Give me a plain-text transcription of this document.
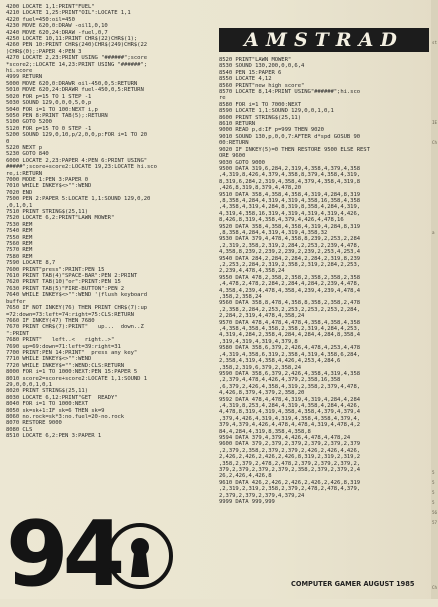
4200 LOCATE 1,1:PRINT"FUEL"
4210 LOCATE 1,25:PRINT"OIL":LOCATE 1,1
4220 fuel=450:oil=450
4230 MOVE 620,0:DRAW -oil1,0,10
4240 MOVE 620,24:DRAW -fuel,0,7
4250 LOCATE 10,11:PRINT CHR$(22)CHR$(1);
4260 PEN 10:PRINT CHR$(240)CHR$(249)CHR$(22
)CHR$(0);:PAPER 4:PEN 3
4270 LOCATE 2,23:PRINT USING "######";score
*score2;:LOCATE 14,23:PRINT USING "######";
hi.score
4999 RETURN
5000 MOVE 620,0:DRAWR oil-450,0,5:RETURN
5010 MOVE 620,24:DRAWR fuel-450,0,5:RETURN
5020 FOR p=15 TO 1 STEP -1
5030 SOUND 129,0,0,0,5,0,p
5040 FOR i=1 TO 100:NEXT i,p
5050 PEN 8:PRINT TAB(5);:RETURN
5100 GOTO 5200
5120 FOR p=15 TO 0 STEP -1
5200 SOUND 129,0,10,p/2,0,0,p:FOR i=1 TO 20
0
5220 NEXT p
5230 GOTO 840
6000 LOCATE 2,23:PAPER 4:PEN 6:PRINT USING"
#####";score+score2:LOCATE 19,23:LOCATE hi.sco
re,i:RETURN
7000 MODE 1:PEN 3:PAPER 0
7010 WHILE INKEY$<>"":WEND
7020 END
7500 PEN 2:PAPER 5:LOCATE 1,1:SOUND 129,0,20
,0,1,0,1
7510 PRINT STRING$(25,11)
7520 LOCATE 6,2:PRINT"LAWN MOWER"
7530 REM
7540 REM
7550 REM
7560 REM
7570 REM
7580 REM
7590 LOCATE 8,7
7600 PRINT"press":PRINT:PEN 15
7610 PRINT TAB(4)"SPACE-BAR":PEN 2:PRINT
7620 PRINT TAB(10)"or":PRINT:PEN 15
7630 PRINT TAB(5)"FIRE-BUTTON":PEN 2
7640 WHILE INKEY$<>"":WEND '(flush keyboard
buffer
7650 IF NOT INKEY(76) THEN PRINT CHR$(7):up
=72:down=73:left=74:right=75:CLS:RETURN
7660 IF INKEY(47) THEN 7680
7670 PRINT CHR$(7):PRINT"   up...  down..Z
":PRINT
7680 PRINT"   left..<   right..>"
7690 up=69:down=71:left=39:right=31
7700 PRINT:PEN 14:PRINT"  press any key"
7710 WHILE INKEY$<>"":WEND
7720 WHILE INKEY$="":WEND:CLS:RETURN
8000 FOR i=1 TO 1000:NEXT:PEN 15:PAPER 5
8010 score2=score+score2:LOCATE 1,1:SOUND 1
29,0,0,0,1,0,1
8020 PRINT STRING$(25,11)
8030 LOCATE 6,12:PRINT"GET  READY"
8040 FOR i=1 TO 1000:NEXT
8050 sk=sk+1:IF sk=6 THEN sk=9
8060 no.rock=sk*3:no.fuel=20-no.rock
8070 RESTORE 9000
8080 CLS
8510 LOCATE 6,2:PEN 3:PAPER 1
AMSTRAD
8520 PRINT"LAWN MOWER"
8530 SOUND 130,200,0,0,6,4
8540 PEN 15:PAPER 6
8550 LOCATE 4,12
8560 PRINT"new high score"
8570 LOCATE 8,14:PRINT USING"######";hi.sco
re
8580 FOR i=1 TO 7000:NEXT
8590 LOCATE 1,1:SOUND 129,0,0,1,0,1
8600 PRINT STRING$(25,11)
8610 RETURN
9000 READ p,d:IF p=999 THEN 9020
9010 SOUND 130,p,0,0,7:AFTER d*spd GOSUB 90
00:RETURN
9020 IF INKEY(5)=0 THEN RESTORE 9500 ELSE REST
ORE 9600
9030 GOTO 9000
9500 DATA 319,6,284,2,319,4,358,4,379,4,358
,4,319,8,426,4,379,4,358,8,379,4,358,4,319,
8,319,6,284,2,319,4,358,4,379,4,358,4,319,8
,426,8,319,8,379,4,478,20
9510 DATA 358,4,358,4,358,4,319,4,284,8,319
,8,358,4,284,4,319,4,319,4,358,16,358,4,358
,4,358,4,319,4,284,8,319,8,358,4,284,4,319,
4,319,4,358,16,319,4,319,4,319,4,319,4,426,
8,426,8,319,4,358,4,379,4,426,4,478,16
9520 DATA 358,4,358,4,358,4,319,4,284,8,319
,8,358,4,284,4,319,4,319,4,358,32
9530 DATA 379,4,478,4,358,8,239,2,253,2,284
,2,319,2,358,2,319,2,284,2,253,2,239,4,478,
4,358,8,239,2,239,2,239,2,239,2,253,4,253,4
9540 DATA 284,2,284,2,284,2,284,2,319,8,239
,2,253,2,284,2,319,2,358,2,319,2,284,2,253,
2,239,4,478,4,358,24
9550 DATA 478,2,358,2,358,2,358,2,358,2,358
,4,478,2,478,2,284,2,284,4,284,2,239,4,478,
4,358,4,239,4,478,4,358,4,239,4,239,4,478,4
,358,2,358,24
9560 DATA 358,8,478,4,358,8,358,2,358,2,478
,2,358,2,284,2,253,2,253,2,253,2,253,2,284,
2,284,2,319,4,478,4,358,24
9570 DATA 478,4,478,4,478,4,358,4,358,4,358
,4,358,4,358,4,358,2,358,2,319,4,284,4,253,
4,319,4,284,2,358,4,284,4,284,4,284,8,358,4
,319,4,319,4,319,4,379,8
9580 DATA 358,6,379,2,426,4,478,4,253,4,478
,4,319,4,358,6,319,2,358,4,319,4,358,6,284,
2,358,4,319,4,358,4,426,4,253,4,284,6
,358,2,319,6,379,2,358,24
9590 DATA 358,6,379,2,426,4,358,4,319,4,358
,2,379,4,478,4,426,4,379,2,358,16,358
,6,379,2,426,4,358,4,319,2,358,2,379,4,478,
4,426,8,379,4,379,2,358,20
9592 DATA 478,4,478,4,319,4,319,4,284,4,284
,4,319,8,253,4,284,4,319,4,358,4,284,4,426,
4,478,8,319,4,319,4,358,4,358,4,379,4,379,4
,379,4,426,4,319,4,319,4,358,4,358,4,379,4,
379,4,379,4,426,4,478,4,478,4,319,4,478,4,2
84,4,284,4,319,8,358,4,358,8
9594 DATA 379,4,379,4,426,4,478,4,478,24
9600 DATA 379,2,379,2,379,2,379,2,379,2,379
,2,379,2,358,2,379,2,379,2,426,2,426,4,426,
2,426,2,426,2,426,2,426,8,319,2,319,2,319,2
,358,2,379,2,478,2,478,2,379,2,379,2,379,2,
379,2,379,2,379,2,379,2,358,2,379,2,379,2,4
26,2,426,4,426,8
9610 DATA 426,2,426,2,426,2,426,2,426,8,319
,2,319,2,319,2,358,2,379,2,478,2,478,4,379,
2,379,2,379,2,379,4,379,24
9999 DATA 999,999
94	COMPUTER GAMER AUGUST 1985
st
IE
Ch
a
5
5
5
5
56
57
Ch
